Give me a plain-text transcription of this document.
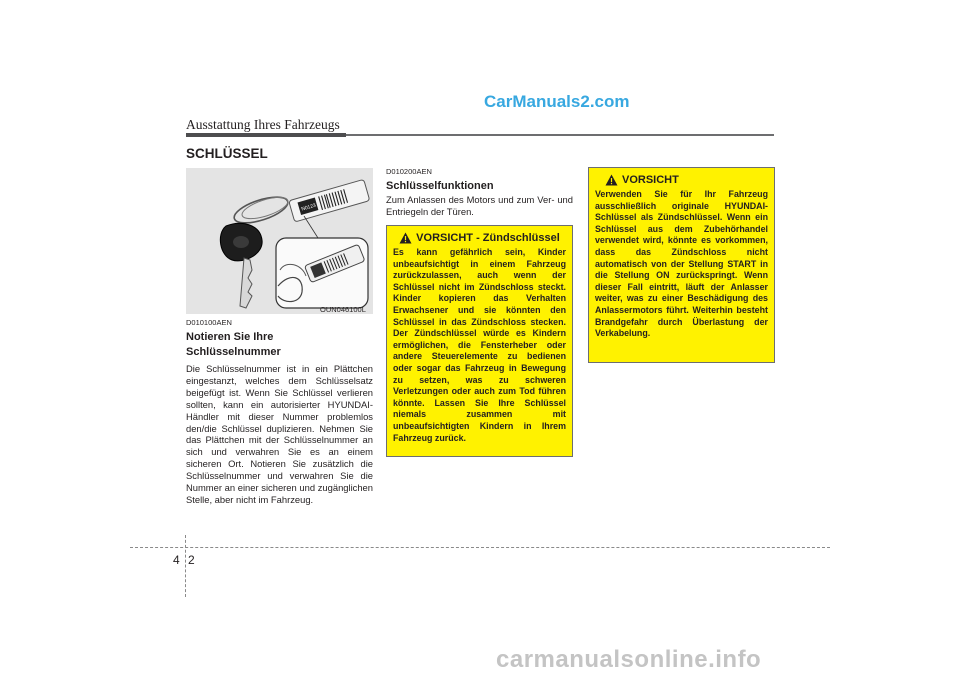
CarManuals2.com
Ausstattung Ihres Fahrzeugs
SCHLÜSSEL
N0123
OUN046100L
D010100AEN
Notieren Sie Ihre
Schlüsselnummer
Die Schlüsselnummer ist in ein Plättchen eingestanzt, welches dem Schlüsselsatz beigefügt ist. Wenn Sie Schlüssel verlieren sollten, kann ein autorisierter HYUNDAI-Händler mit dieser Nummer problemlos den/die Schlüssel duplizieren. Nehmen Sie das Plättchen mit der Schlüsselnummer an sich und verwahren Sie es an einem sicheren Ort. Notieren Sie zusätzlich die Schlüsselnummer und verwahren Sie die Nummer an einer sicheren und zugänglichen Stelle, aber nicht im Fahrzeug.
D010200AEN
Schlüsselfunktionen
Zum Anlassen des Motors und zum Ver- und Entriegeln der Türen.
VORSICHT - Zündschlüssel
Es kann gefährlich sein, Kinder unbeaufsichtigt in einem Fahrzeug zurückzulassen, auch wenn der Schlüssel nicht im Zündschloss steckt. Kinder kopieren das Verhalten Erwachsener und sie könnten den Schlüssel in das Zündschloss stecken. Der Zündschlüssel würde es Kindern ermöglichen, die Fensterheber oder andere Steuerelemente zu bedienen oder sogar das Fahrzeug in Bewegung zu setzen, was zu schweren Verletzungen oder auch zum Tod führen könnte. Lassen Sie Ihre Schlüssel niemals zusammen mit unbeaufsichtigten Kindern in Ihrem Fahrzeug zurück.
VORSICHT
Verwenden Sie für Ihr Fahrzeug ausschließlich originale HYUNDAI-Schlüssel als Zündschlüssel. Wenn ein Schlüssel aus dem Zubehörhandel verwendet wird, könnte es vorkommen, dass das Zündschloss nicht automatisch von der Stellung START in die Stellung ON zurückspringt. Wenn dieser Fall eintritt, läuft der Anlasser weiter, was zu einer Beschädigung des Anlassermotors führt. Weiterhin besteht Brandgefahr durch Überlastung der Verkabelung.
4 2
carmanualsonline.info
